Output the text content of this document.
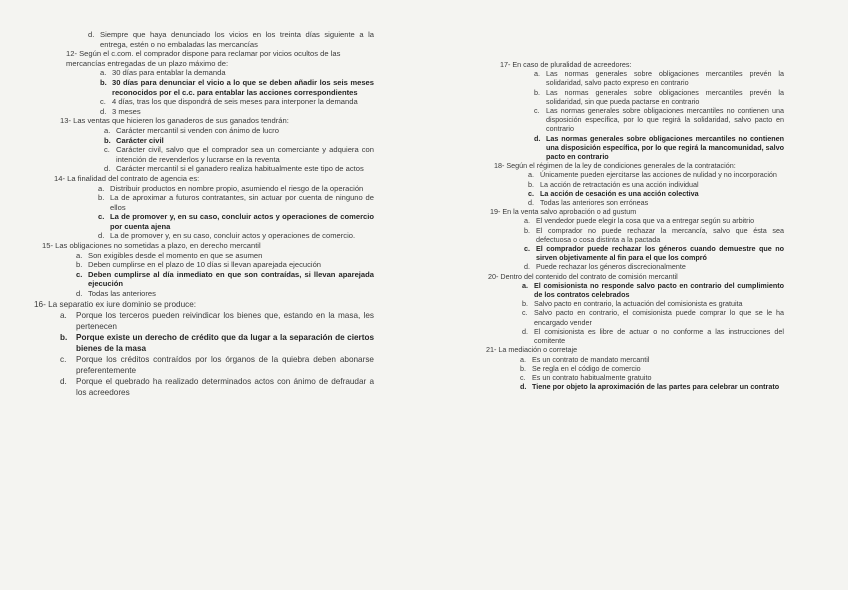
d. Siempre que haya denunciado los vicios en los treinta días siguiente a la entrega, estén o no embaladas las mercancías

12- Según el c.com. el comprador dispone para reclamar por vicios ocultos de las mercancías entregadas de un plazo máximo de:

a. 30 días para entablar la demanda
b. 30 días para denunciar el vicio a lo que se deben añadir los seis meses reconocidos por el c.c. para entablar las acciones correspondientes
c. 4 días, tras los que dispondrá de seis meses para interponer la demanda
d. 3 meses

13- Las ventas que hicieren los ganaderos de sus ganados tendrán:

a. Carácter mercantil si venden con ánimo de lucro
b. Carácter civil
c. Carácter civil, salvo que el comprador sea un comerciante y adquiera con intención de revenderlos y lucrarse en la reventa
d. Carácter mercantil si el ganadero realiza habitualmente este tipo de actos

14- La finalidad del contrato de agencia es:

a. Distribuir productos en nombre propio, asumiendo el riesgo de la operación
b. La de aproximar a futuros contratantes, sin actuar por cuenta de ninguno de ellos
c. La de promover y, en su caso, concluir actos y operaciones de comercio por cuenta ajena
d. La de promover y, en su caso, concluir actos y operaciones de comercio.

15- Las obligaciones no sometidas a plazo, en derecho mercantil

a. Son exigibles desde el momento en que se asumen
b. Deben cumplirse en el plazo de 10 días si llevan aparejada ejecución
c. Deben cumplirse al día inmediato en que son contraídas, si llevan aparejada ejecución
d. Todas las anteriores

16- La separatio ex iure dominio se produce:

a.	Porque los terceros pueden reivindicar los bienes que, estando en la masa, les pertenecen
b.	Porque existe un derecho de crédito que da lugar a la separación de ciertos bienes de la masa
c.	Porque los créditos contraídos por los órganos de la quiebra deben abonarse preferentemente
d.	Porque el quebrado ha realizado determinados actos con ánimo de defraudar a los acreedores

17- En caso de pluralidad de acreedores:

a. Las normas generales sobre obligaciones mercantiles prevén la solidaridad, salvo pacto expreso en contrario
b. Las normas generales sobre obligaciones mercantiles prevén la solidaridad, sin que pueda pactarse en contrario
c. Las normas generales sobre obligaciones mercantiles no contienen una disposición específica, por lo que regirá la solidaridad, salvo pacto en contrario
d. Las normas generales sobre obligaciones mercantiles no contienen una disposición específica, por lo que regirá la mancomunidad, salvo pacto en contrario

18- Según el régimen de la ley de condiciones generales de la contratación:

a. Únicamente pueden ejercitarse las acciones de nulidad y no incorporación
b. La acción de retractación es una acción individual
c. La acción de cesación es una acción colectiva
d. Todas las anteriores son erróneas

19- En la venta salvo aprobación o ad gustum

a. El vendedor puede elegir la cosa que va a entregar según su arbitrio
b. El comprador no puede rechazar la mercancía, salvo que ésta sea defectuosa o cosa distinta a la pactada
c. El comprador puede rechazar los géneros cuando demuestre que no sirven objetivamente al fin para el que los compró
d. Puede rechazar los géneros discrecionalmente

20- Dentro del contenido del contrato de comisión mercantil

a. El comisionista no responde salvo pacto en contrario del cumplimiento de los contratos celebrados
b. Salvo pacto en contrario, la actuación del comisionista es gratuita
c. Salvo pacto en contrario, el comisionista puede comprar lo que se le ha encargado vender
d. El comisionista es libre de actuar o no conforme a las instrucciones del comitente

21- La mediación o corretaje

a. Es un contrato de mandato mercantil
b. Se regla en el código de comercio
c. Es un contrato habitualmente gratuito
d. Tiene por objeto la aproximación de las partes para celebrar un contrato
